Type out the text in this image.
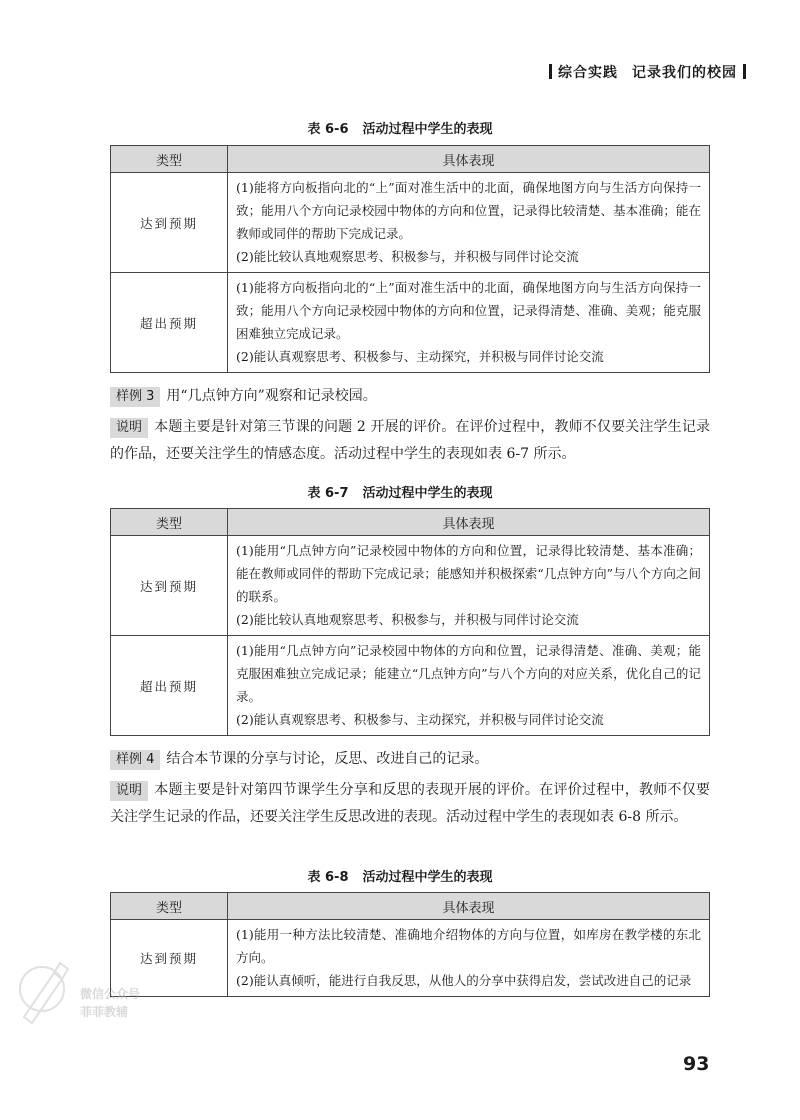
综合实践 记录我们的校园
表 6-6 活动过程中学生的表现
类型	具体表现
达到预期	(1)能将方向板指向北的“上”面对准生活中的北面，确保地图方向与生活方向保持一致；能用八个方向记录校园中物体的方向和位置，记录得比较清楚、基本准确；能在教师或同伴的帮助下完成记录。
(2)能比较认真地观察思考、积极参与，并积极与同伴讨论交流

超出预期	(1)能将方向板指向北的“上”面对准生活中的北面，确保地图方向与生活方向保持一致；能用八个方向记录校园中物体的方向和位置，记录得清楚、准确、美观；能克服困难独立完成记录。
(2)能认真观察思考、积极参与、主动探究，并积极与同伴讨论交流
样例 3 用“几点钟方向”观察和记录校园。
说明 本题主要是针对第三节课的问题 2 开展的评价。在评价过程中，教师不仅要关注学生记录的作品，还要关注学生的情感态度。活动过程中学生的表现如表 6-7 所示。
表 6-7 活动过程中学生的表现
类型	具体表现
达到预期	(1)能用“几点钟方向”记录校园中物体的方向和位置，记录得比较清楚、基本准确；能在教师或同伴的帮助下完成记录；能感知并积极探索“几点钟方向”与八个方向之间的联系。
(2)能比较认真地观察思考、积极参与，并积极与同伴讨论交流

超出预期	(1)能用“几点钟方向”记录校园中物体的方向和位置，记录得清楚、准确、美观；能克服困难独立完成记录；能建立“几点钟方向”与八个方向的对应关系，优化自己的记录。
(2)能认真观察思考、积极参与、主动探究，并积极与同伴讨论交流
样例 4 结合本节课的分享与讨论，反思、改进自己的记录。
说明 本题主要是针对第四节课学生分享和反思的表现开展的评价。在评价过程中，教师不仅要关注学生记录的作品，还要关注学生反思改进的表现。活动过程中学生的表现如表 6-8 所示。
表 6-8 活动过程中学生的表现
类型	具体表现
达到预期	(1)能用一种方法比较清楚、准确地介绍物体的方向与位置，如库房在教学楼的东北方向。
(2)能认真倾听，能进行自我反思，从他人的分享中获得启发，尝试改进自己的记录
微信公众号
菲菲教辅
93
